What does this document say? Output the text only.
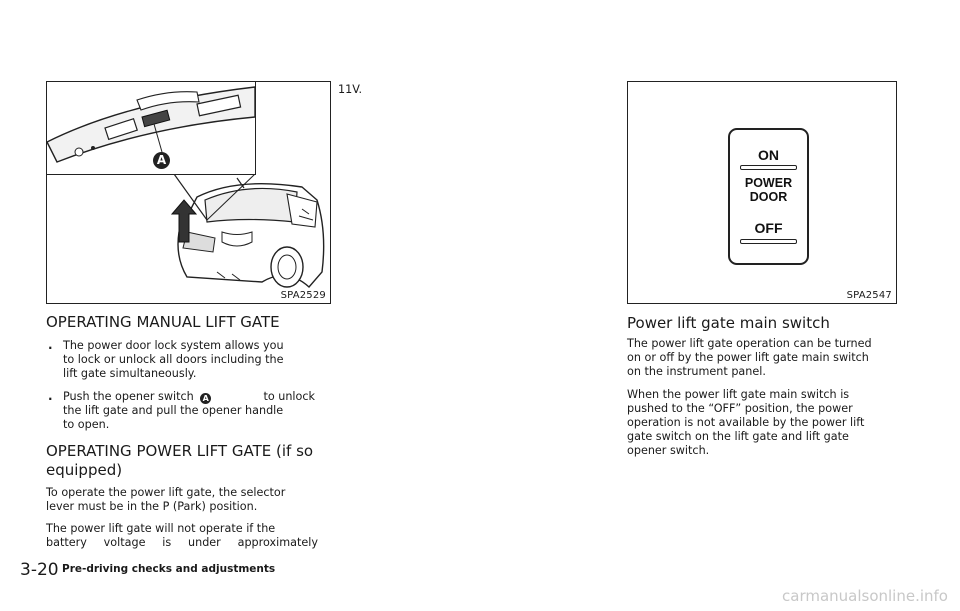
A
SPA2529
ON
POWER
DOOR
OFF
SPA2547
OPERATING MANUAL LIFT GATE
. The power door lock system allows you

to lock or unlock all doors including the

lift gate simultaneously.

. Push the opener switch A	to unlock

the lift gate and pull the opener handle

to open.

OPERATING POWER LIFT GATE (if so
equipped)

To operate the power lift gate, the selector

lever must be in the P (Park) position.

The power lift gate will not operate if the

battery voltage is under approximately

11V.

Power lift gate main switch

The power lift gate operation can be turned

on or off by the power lift gate main switch

on the instrument panel.

When the power lift gate main switch is

pushed to the “OFF” position, the power

operation is not available by the power lift

gate switch on the lift gate and lift gate

opener switch.

3-20 Pre-driving checks and adjustments
carmanualsonline.info
